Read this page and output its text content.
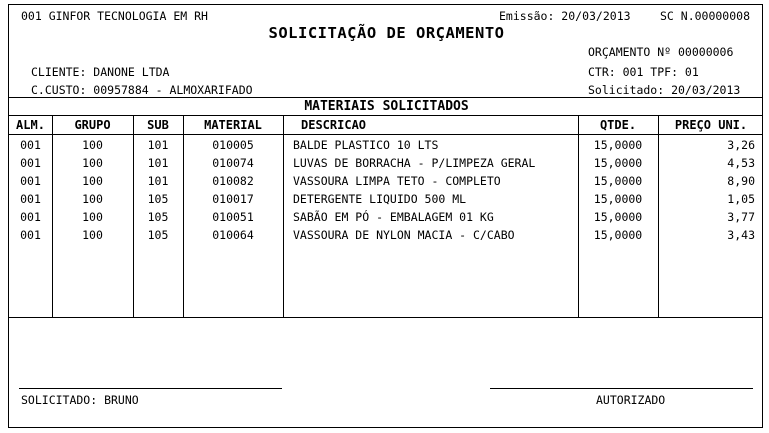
001 GINFOR TECNOLOGIA EM RH	Emissão: 20/03/2013	SC N.00000008
SOLICITAÇÃO DE ORÇAMENTO
ORÇAMENTO Nº 00000006
CLIENTE: DANONE LTDA	CTR: 001 TPF: 01
C.CUSTO: 00957884 - ALMOXARIFADO	Solicitado: 20/03/2013
MATERIAIS SOLICITADOS
ALM.	GRUPO	SUB	MATERIAL	DESCRICAO	QTDE.	PREÇO UNI.
001	100	101	010005	BALDE PLASTICO 10 LTS	15,0000	3,26
001	100	101	010074	LUVAS DE BORRACHA - P/LIMPEZA GERAL	15,0000	4,53
001	100	101	010082	VASSOURA LIMPA TETO - COMPLETO	15,0000	8,90
001	100	105	010017	DETERGENTE LIQUIDO 500 ML	15,0000	1,05
001	100	105	010051	SABÃO EM PÓ - EMBALAGEM 01 KG	15,0000	3,77
001	100	105	010064	VASSOURA DE NYLON MACIA - C/CABO	15,0000	3,43
SOLICITADO: BRUNO	AUTORIZADO
